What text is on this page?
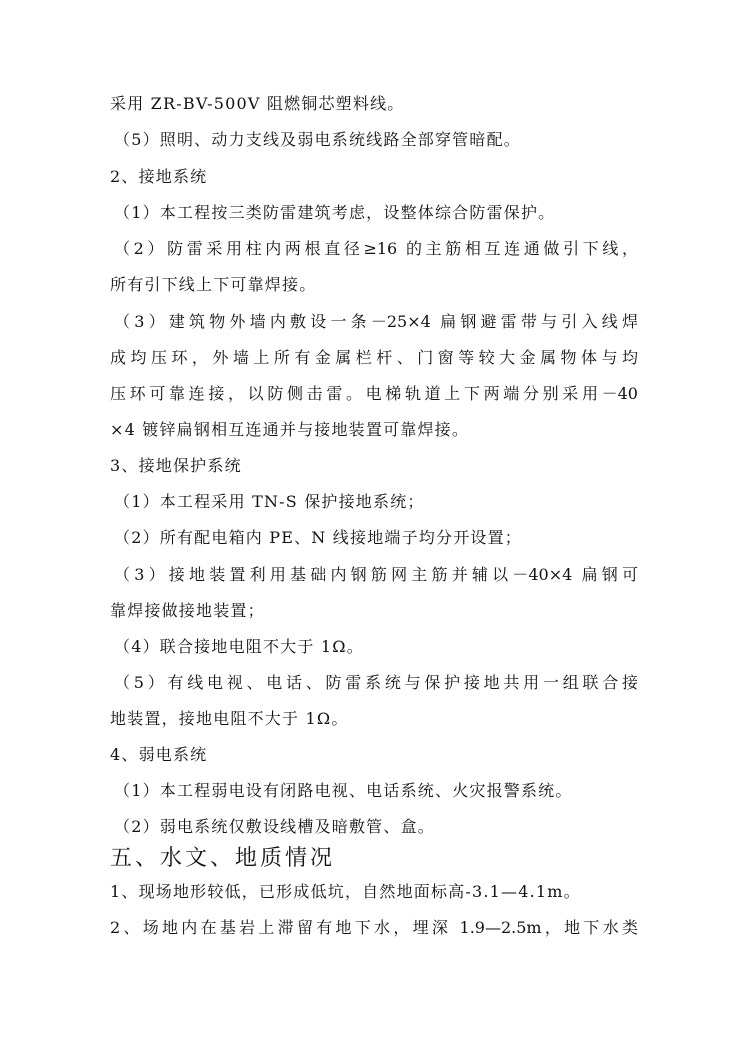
采用 ZR-BV-500V 阻燃铜芯塑料线。
（5）照明、动力支线及弱电系统线路全部穿管暗配。
2、接地系统
（1）本工程按三类防雷建筑考虑，设整体综合防雷保护。
（2）防雷采用柱内两根直径≥16 的主筋相互连通做引下线，
所有引下线上下可靠焊接。
（3）建筑物外墙内敷设一条－25×4 扁钢避雷带与引入线焊
成均压环，外墙上所有金属栏杆、门窗等较大金属物体与均
压环可靠连接，以防侧击雷。电梯轨道上下两端分别采用－40
×4 镀锌扁钢相互连通并与接地装置可靠焊接。
3、接地保护系统
（1）本工程采用 TN-S 保护接地系统；
（2）所有配电箱内 PE、N 线接地端子均分开设置；
（3）接地装置利用基础内钢筋网主筋并辅以－40×4 扁钢可
靠焊接做接地装置；
（4）联合接地电阻不大于 1Ω。
（5）有线电视、电话、防雷系统与保护接地共用一组联合接
地装置，接地电阻不大于 1Ω。
4、弱电系统
（1）本工程弱电设有闭路电视、电话系统、火灾报警系统。
（2）弱电系统仅敷设线槽及暗敷管、盒。
五、水文、地质情况
1、现场地形较低，已形成低坑，自然地面标高-3.1—4.1m。
2、场地内在基岩上滞留有地下水，埋深 1.9—2.5m，地下水类
